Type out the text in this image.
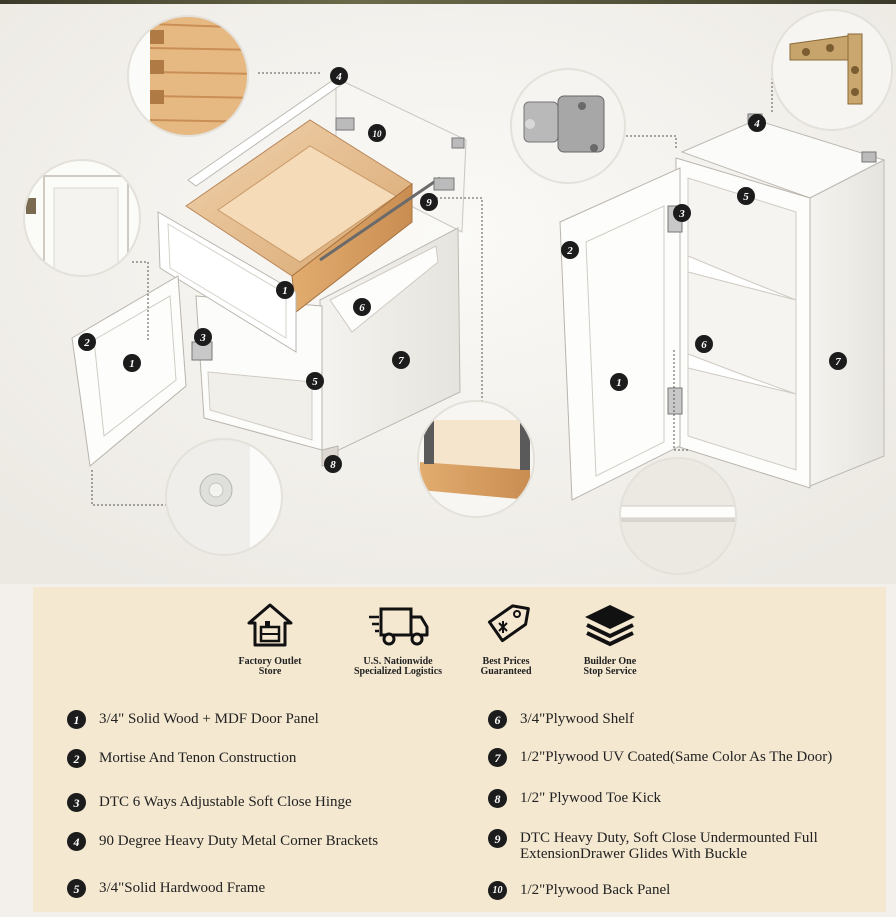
4
10
9
1
6
2
1
3
5
7
8
4
5
3
2
6
1
7
Factory Outlet
Store
U.S. Nationwide
Specialized Logistics
Best Prices
Guaranteed
Builder One
Stop Service
1	3/4" Solid Wood + MDF Door Panel
2	Mortise And Tenon Construction
3	DTC 6 Ways Adjustable Soft Close Hinge
4	90 Degree Heavy Duty Metal Corner Brackets
5	3/4"Solid Hardwood Frame
6	3/4"Plywood Shelf
7	1/2"Plywood UV Coated(Same Color As The Door)
8	1/2" Plywood Toe Kick
9	DTC Heavy Duty, Soft Close Undermounted Full ExtensionDrawer Glides With Buckle
10	1/2"Plywood Back Panel
